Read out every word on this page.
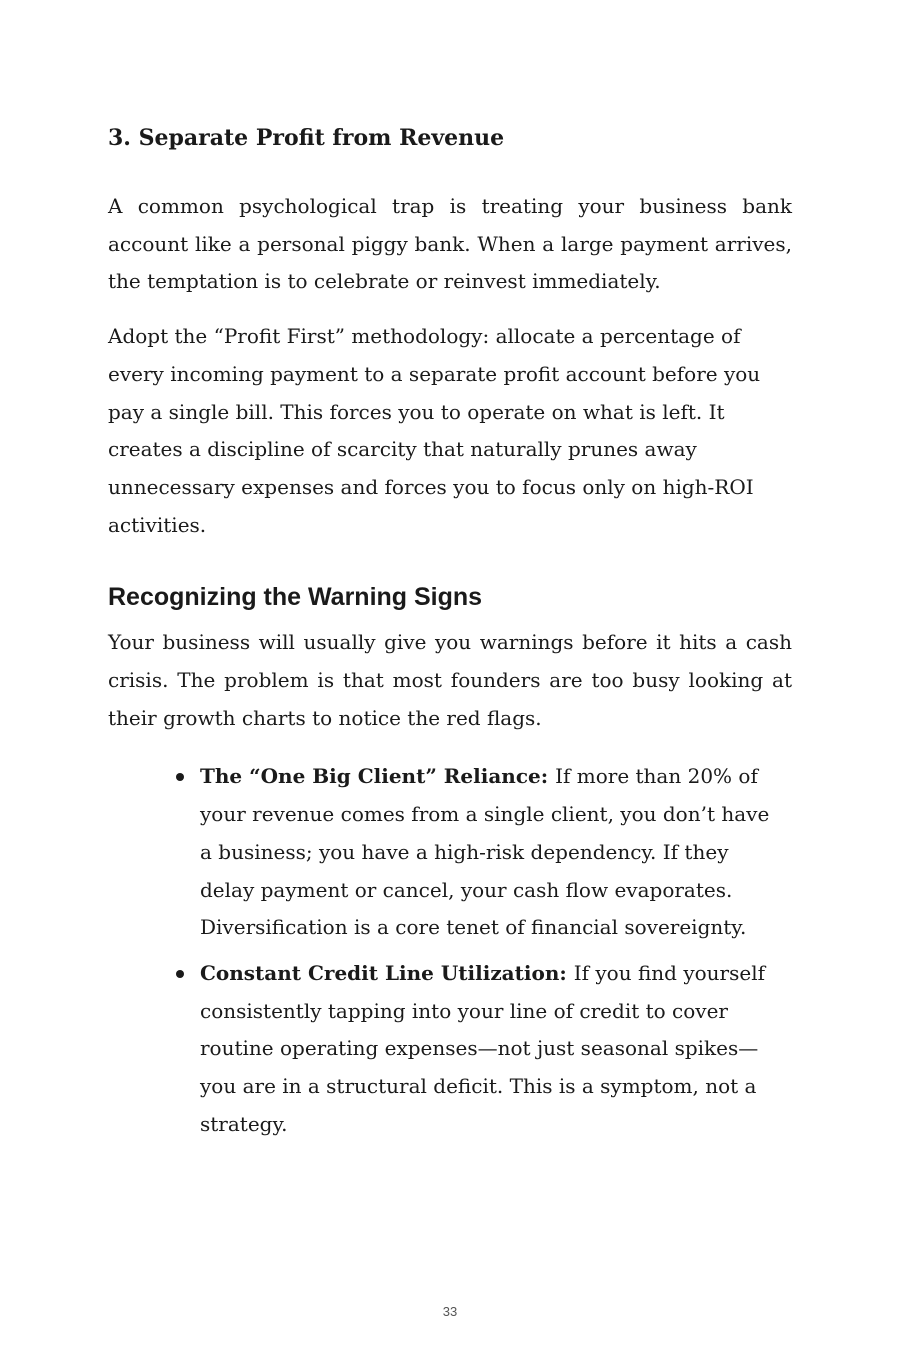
3. Separate Profit from Revenue

A common psychological trap is treating your business bank account like a personal piggy bank. When a large payment arrives, the temptation is to celebrate or reinvest immediately.

Adopt the “Profit First” methodology: allocate a percentage of every incoming payment to a separate profit account before you pay a single bill. This forces you to operate on what is left. It creates a discipline of scarcity that naturally prunes away unnecessary expenses and forces you to focus only on high-ROI activities.

Recognizing the Warning Signs

Your business will usually give you warnings before it hits a cash crisis. The problem is that most founders are too busy looking at their growth charts to notice the red flags.

The “One Big Client” Reliance: If more than 20% of your revenue comes from a single client, you don’t have a business; you have a high-risk dependency. If they delay payment or cancel, your cash flow evaporates. Diversification is a core tenet of financial sovereignty.
Constant Credit Line Utilization: If you find yourself consistently tapping into your line of credit to cover routine operating expenses—not just seasonal spikes—you are in a structural deficit. This is a symptom, not a strategy.
33
